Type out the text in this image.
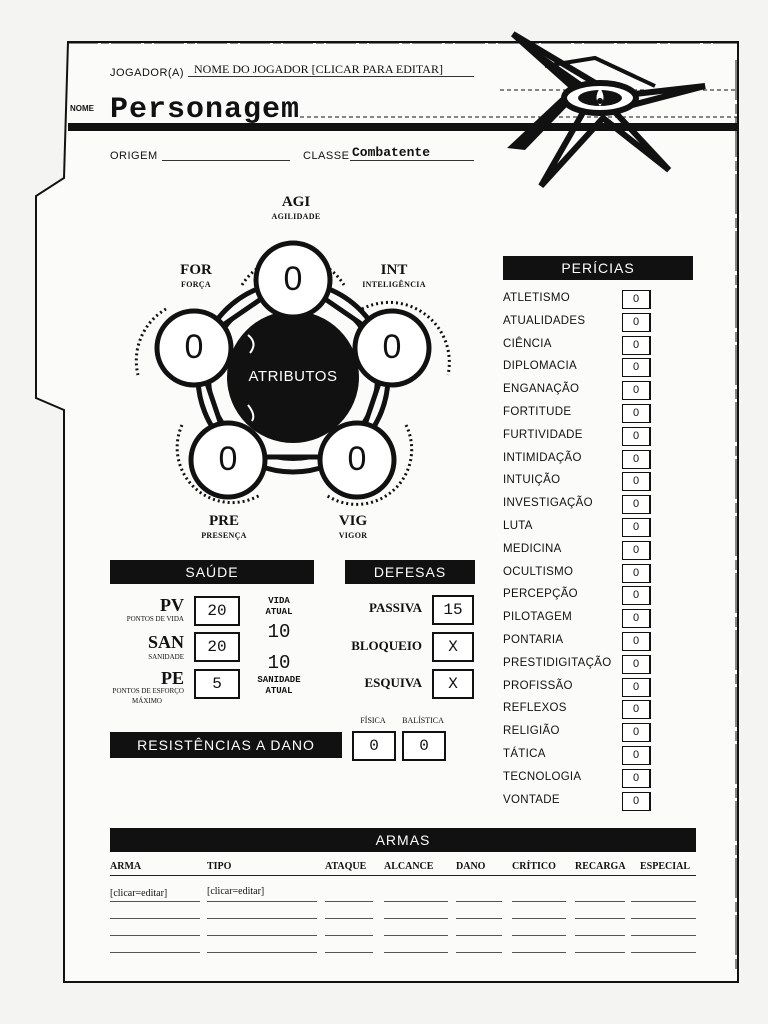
JOGADOR(A) NOME DO JOGADOR [CLICAR PARA EDITAR]
NOME Personagem
ORIGEM	CLASSE Combatente
ATRIBUTOS
AGI
AGILIDADE
0	INT
INTELIGÊNCIA
0
VIG
VIGOR
0
PRE
PRESENÇA
0
FOR
FORÇA
0
SAÚDE
PV
PONTOS DE VIDA	20
SAN
SANIDADE
20
PE
PONTOS DE ESFORÇO
MÁXIMO
5
VIDA
ATUAL
10
10
SANIDADE
ATUAL
DEFESAS
PASSIVA	15
BLOQUEIO	X
ESQUIVA	X
RESISTÊNCIAS A DANO
FÍSICA	BALÍSTICA
0	0
PERÍCIAS
ATLETISMO	0
ATUALIDADES	0
CIÊNCIA	0
DIPLOMACIA	0
ENGANAÇÃO	0
FORTITUDE	0
FURTIVIDADE	0
INTIMIDAÇÃO	0
INTUIÇÃO	0
INVESTIGAÇÃO	0
LUTA	0
MEDICINA	0
OCULTISMO	0
PERCEPÇÃO	0
PILOTAGEM	0
PONTARIA	0
PRESTIDIGITAÇÃO	0
PROFISSÃO	0
REFLEXOS	0
RELIGIÃO	0
TÁTICA	0
TECNOLOGIA	0
VONTADE	0
ARMAS
ARMA	TIPO	ATAQUE ALCANCE DANO	CRÍTICO RECARGA ESPECIAL
[clicar=editar]	[clicar=editar]
